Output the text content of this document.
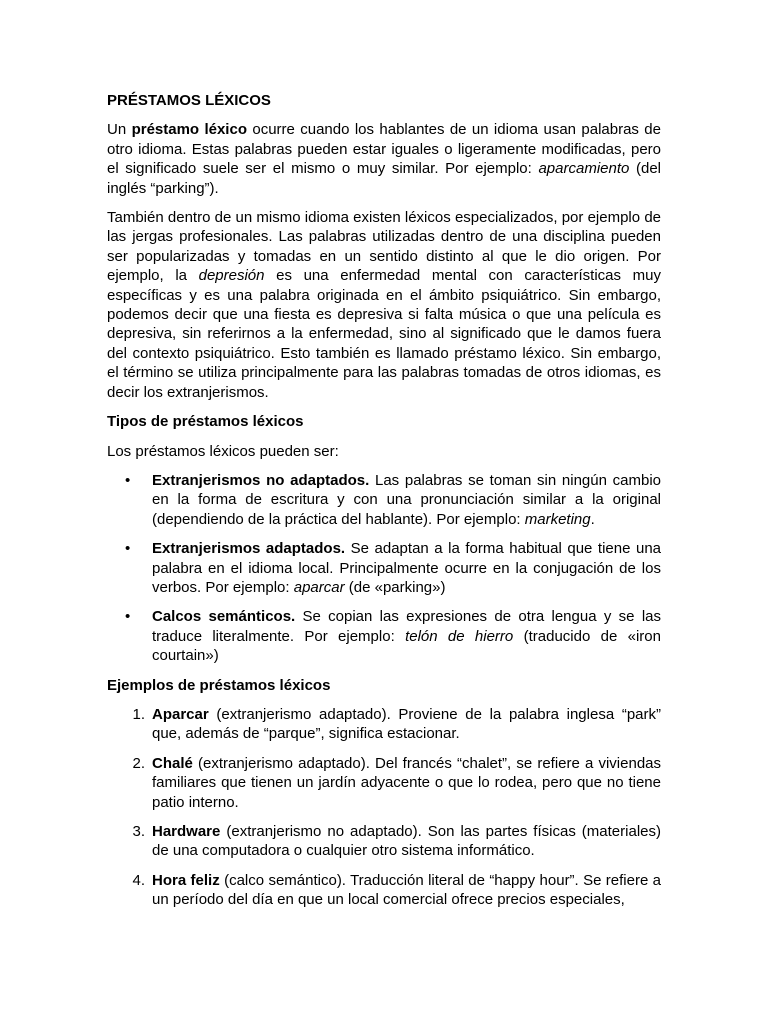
PRÉSTAMOS LÉXICOS

Un préstamo léxico ocurre cuando los hablantes de un idioma usan palabras de otro idioma. Estas palabras pueden estar iguales o ligeramente modificadas, pero el significado suele ser el mismo o muy similar. Por ejemplo: aparcamiento (del inglés “parking”).

También dentro de un mismo idioma existen léxicos especializados, por ejemplo de las jergas profesionales. Las palabras utilizadas dentro de una disciplina pueden ser popularizadas y tomadas en un sentido distinto al que le dio origen. Por ejemplo, la depresión es una enfermedad mental con características muy específicas y es una palabra originada en el ámbito psiquiátrico. Sin embargo, podemos decir que una fiesta es depresiva si falta música o que una película es depresiva, sin referirnos a la enfermedad, sino al significado que le damos fuera del contexto psiquiátrico. Esto también es llamado préstamo léxico. Sin embargo, el término se utiliza principalmente para las palabras tomadas de otros idiomas, es decir los extranjerismos.

Tipos de préstamos léxicos

Los préstamos léxicos pueden ser:

•	Extranjerismos no adaptados. Las palabras se toman sin ningún cambio en la forma de escritura y con una pronunciación similar a la original (dependiendo de la práctica del hablante). Por ejemplo: marketing.

•	Extranjerismos adaptados. Se adaptan a la forma habitual que tiene una palabra en el idioma local. Principalmente ocurre en la conjugación de los verbos. Por ejemplo: aparcar (de «parking»)

•	Calcos semánticos. Se copian las expresiones de otra lengua y se las traduce literalmente. Por ejemplo: telón de hierro (traducido de «iron courtain»)

Ejemplos de préstamos léxicos

1. Aparcar (extranjerismo adaptado). Proviene de la palabra inglesa “park” que, además de “parque”, significa estacionar.

2. Chalé (extranjerismo adaptado). Del francés “chalet”, se refiere a viviendas familiares que tienen un jardín adyacente o que lo rodea, pero que no tiene patio interno.

3. Hardware (extranjerismo no adaptado). Son las partes físicas (materiales) de una computadora o cualquier otro sistema informático.

4. Hora feliz (calco semántico). Traducción literal de “happy hour”. Se refiere a un período del día en que un local comercial ofrece precios especiales,
